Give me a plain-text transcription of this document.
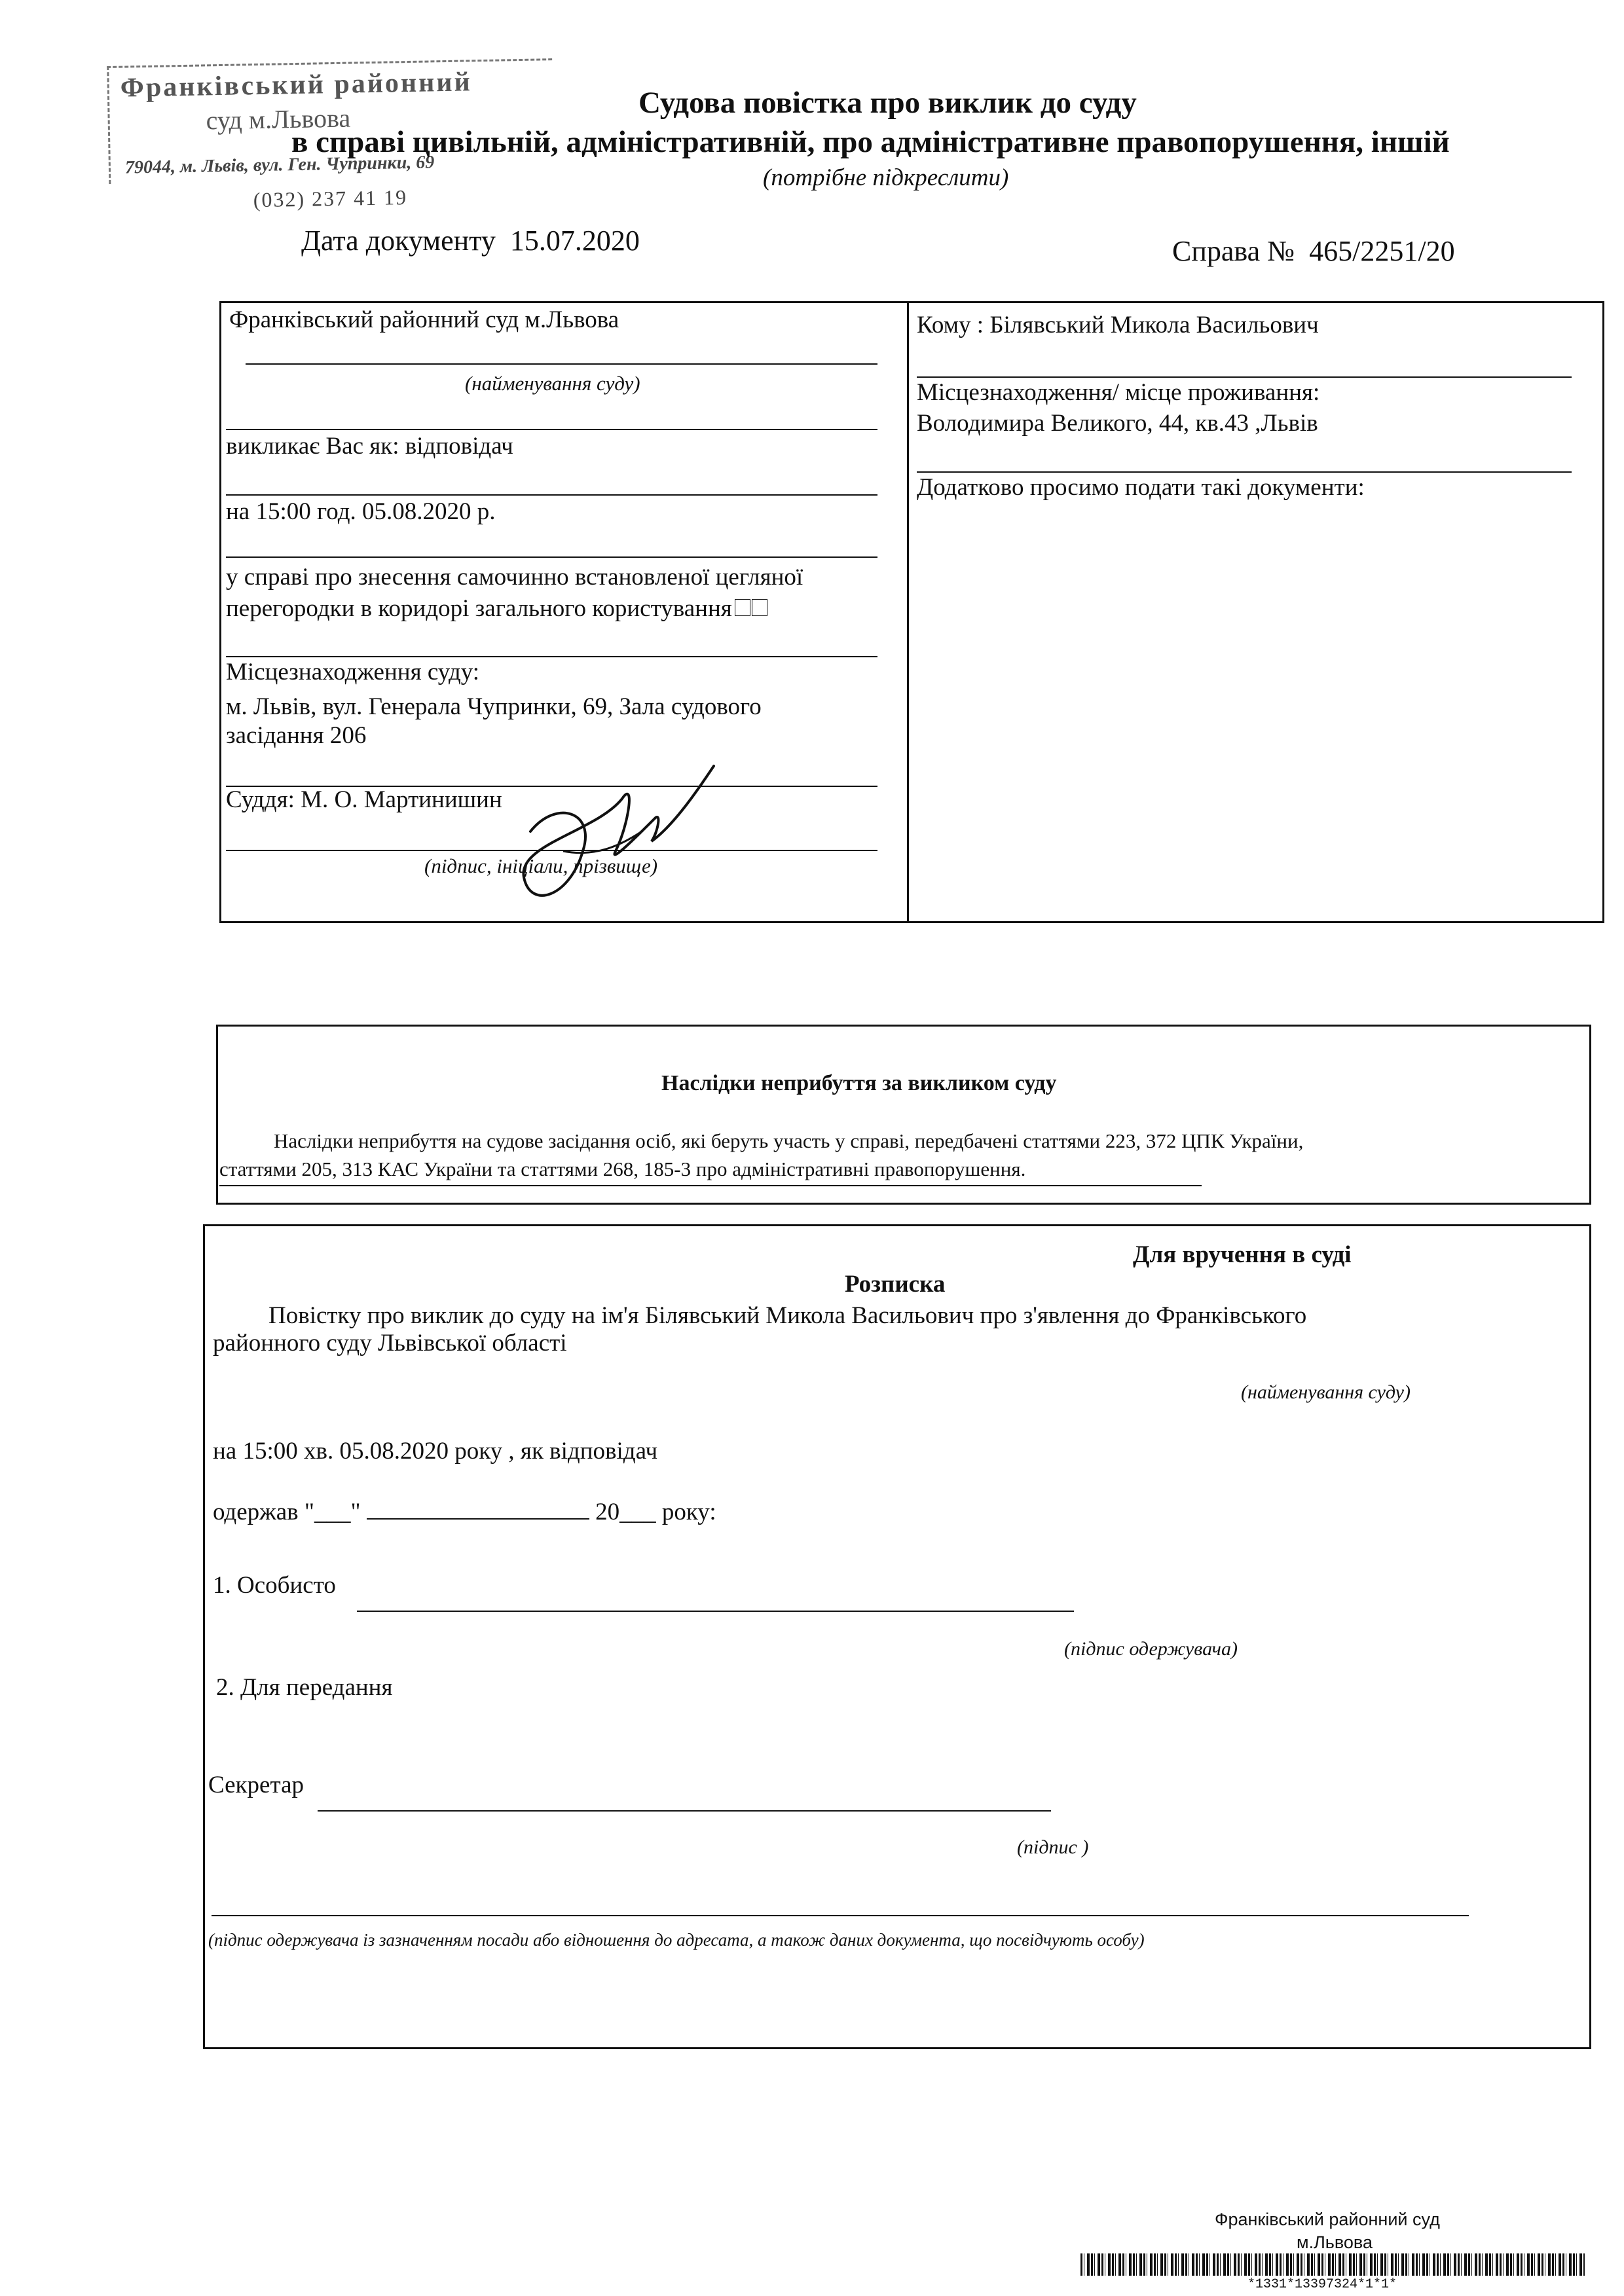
Франківський районний
суд м.Львова
79044, м. Львів, вул. Ген. Чупринки, 69
(032) 237 41 19
Судова повістка про виклик до суду
в справі цивільній, адміністративній, про адміністративне правопорушення, іншій
(потрібне підкреслити)
Дата документу 15.07.2020	Справа № 465/2251/20
Франківський районний суд м.Львова
(найменування суду)
викликає Вас як: відповідач
на 15:00 год. 05.08.2020 р.
у справі про знесення самочинно встановленої цегляної
перегородки в коридорі загального користування
Місцезнаходження суду:
м. Львів, вул. Генерала Чупринки, 69, Зала судового
засідання 206
Суддя: М. О. Мартинишин
(підпис, ініціали, прізвище)
Кому : Білявський Микола Васильович
Місцезнаходження/ місце проживання:
Володимира Великого, 44, кв.43 ,Львів
Додатково просимо подати такі документи:
Наслідки неприбуття за викликом суду
Наслідки неприбуття на судове засідання осіб, які беруть участь у справі, передбачені статтями 223, 372 ЦПК України,
статтями 205, 313 КАС України та статтями 268, 185-3 про адміністративні правопорушення.
Для вручення в суді
Розписка
Повістку про виклик до суду на ім'я Білявський Микола Васильович про з'явлення до Франківського
районного суду Львівської області
(найменування суду)
на 15:00 хв. 05.08.2020 року , як відповідач
одержав "___"	20___ року:
1. Особисто
(підпис одержувача)
2. Для передання
Секретар
(підпис )
(підпис одержувача із зазначенням посади або відношення до адресата, а також даних документа, що посвідчують особу)
Франківський районний суд
м.Львова
*1331*13397324*1*1*
